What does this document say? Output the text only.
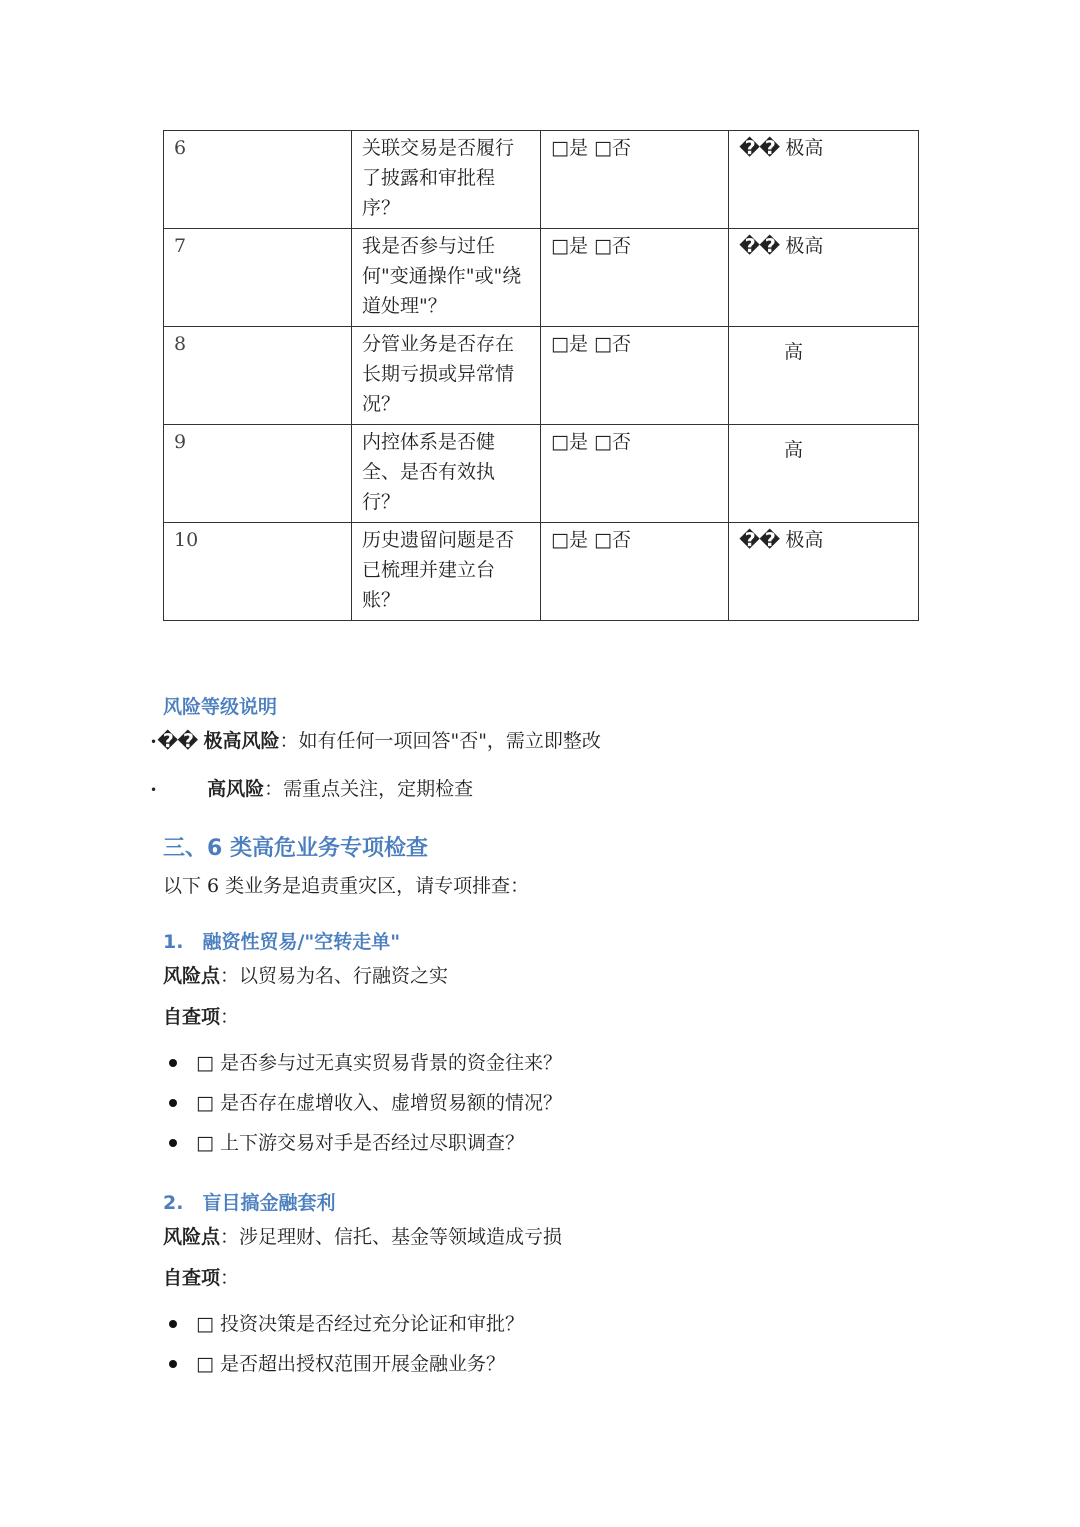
6	关联交易是否履行了披露和审批程序？	□是 □否	�� 极高
7	我是否参与过任何"变通操作"或"绕道处理"？	□是 □否	�� 极高
8	分管业务是否存在长期亏损或异常情况？	□是 □否	高

9	内控体系是否健全、是否有效执行？	□是 □否	高

10	历史遗留问题是否已梳理并建立台账？	□是 □否	�� 极高
风险等级说明
•�� 极高风险：如有任何一项回答"否"，需立即整改
•	高风险：需重点关注，定期检查
三、6 类高危业务专项检查
以下 6 类业务是追责重灾区，请专项排查：
1.　融资性贸易/"空转走单"
风险点：以贸易为名、行融资之实
自查项：
□ 是否参与过无真实贸易背景的资金往来？
□ 是否存在虚增收入、虚增贸易额的情况？
□ 上下游交易对手是否经过尽职调查？
2.　盲目搞金融套利
风险点：涉足理财、信托、基金等领域造成亏损
自查项：
□ 投资决策是否经过充分论证和审批？
□ 是否超出授权范围开展金融业务？
